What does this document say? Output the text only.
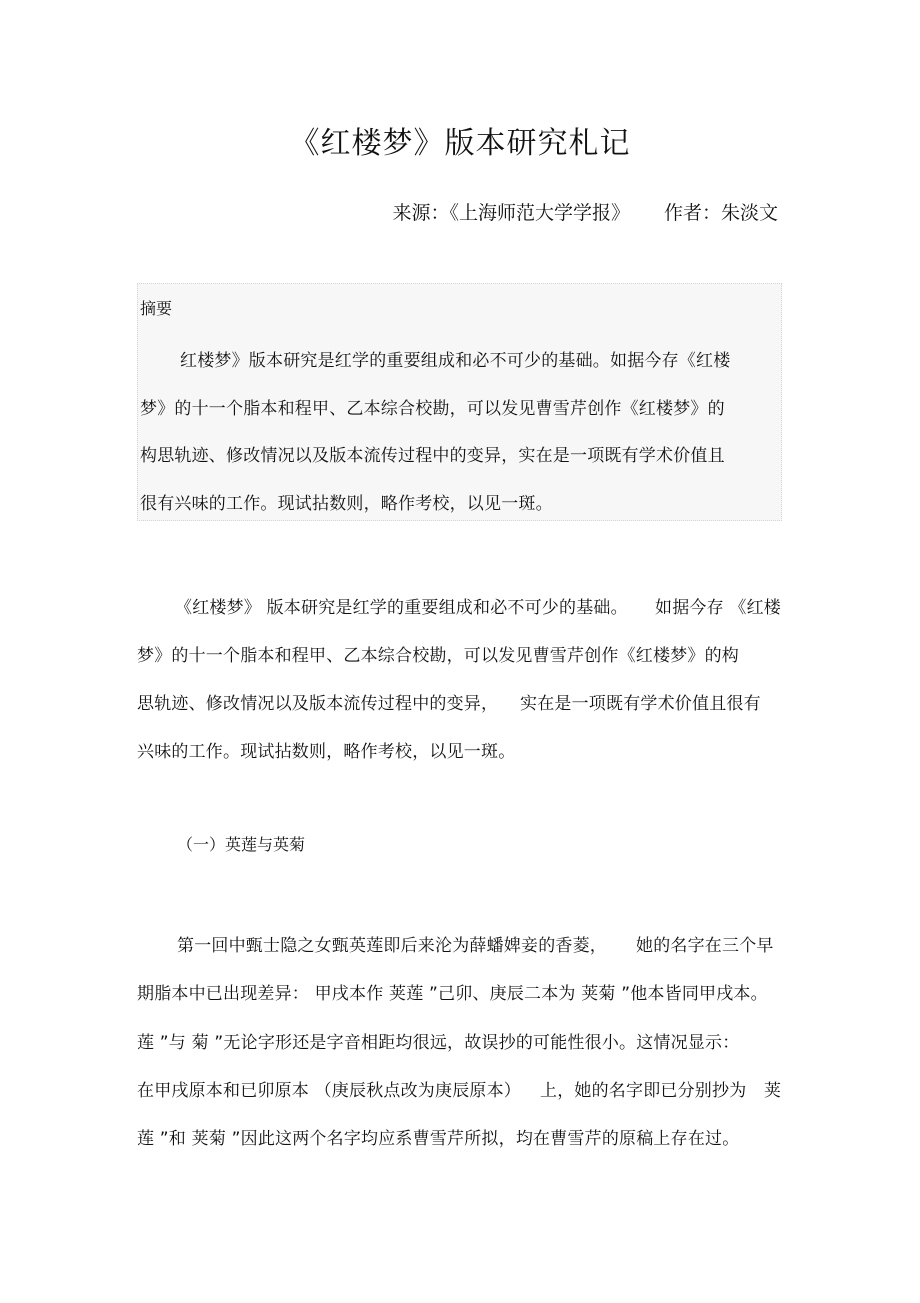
《红楼梦》版本研究札记
来源：《上海师范大学学报》 作者：朱淡文
摘要
红楼梦》版本研究是红学的重要组成和必不可少的基础。如据今存《红楼
梦》的十一个脂本和程甲、乙本综合校勘，可以发见曹雪芹创作《红楼梦》的
构思轨迹、修改情况以及版本流传过程中的变异，实在是一项既有学术价值且
很有兴味的工作。现试拈数则，略作考校，以见一斑。
《红楼梦》 版本研究是红学的重要组成和必不可少的基础。 如据今存 《红楼
梦》的十一个脂本和程甲、乙本综合校勘，可以发见曹雪芹创作《红楼梦》的构
思轨迹、修改情况以及版本流传过程中的变异， 实在是一项既有学术价值且很有
兴味的工作。现试拈数则，略作考校，以见一斑。
（一）英莲与英菊
第一回中甄士隐之女甄英莲即后来沦为薛蟠婢妾的香菱， 她的名字在三个早
期脂本中已出现差异： 甲戌本作 荚莲 ”己卯、庚辰二本为 荚菊 ”他本皆同甲戌本。
莲 ”与 菊 ”无论字形还是字音相距均很远，故误抄的可能性很小。这情况显示：
在甲戌原本和已卯原本 （庚辰秋点改为庚辰原本） 上，她的名字即已分别抄为 荚
莲 ”和 荚菊 ”因此这两个名字均应系曹雪芹所拟，均在曹雪芹的原稿上存在过。
